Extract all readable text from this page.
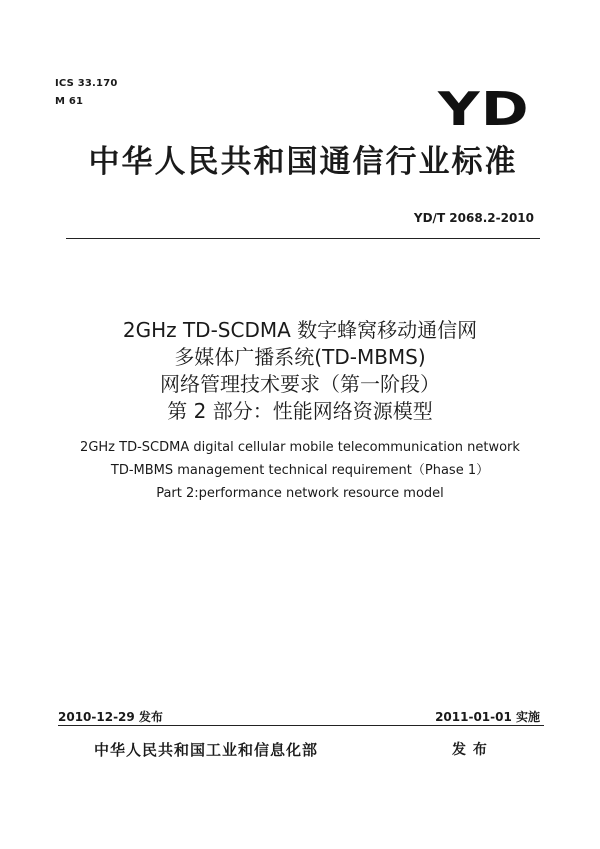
ICS 33.170
M 61	YD
中华人民共和国通信行业标准
YD/T 2068.2-2010
2GHz TD-SCDMA 数字蜂窝移动通信网
多媒体广播系统(TD-MBMS)
网络管理技术要求（第一阶段）
第 2 部分：性能网络资源模型
2GHz TD-SCDMA digital cellular mobile telecommunication network
TD-MBMS management technical requirement（Phase 1）
Part 2:performance network resource model
2010-12-29 发布	2011-01-01 实施
中华人民共和国工业和信息化部	发 布
